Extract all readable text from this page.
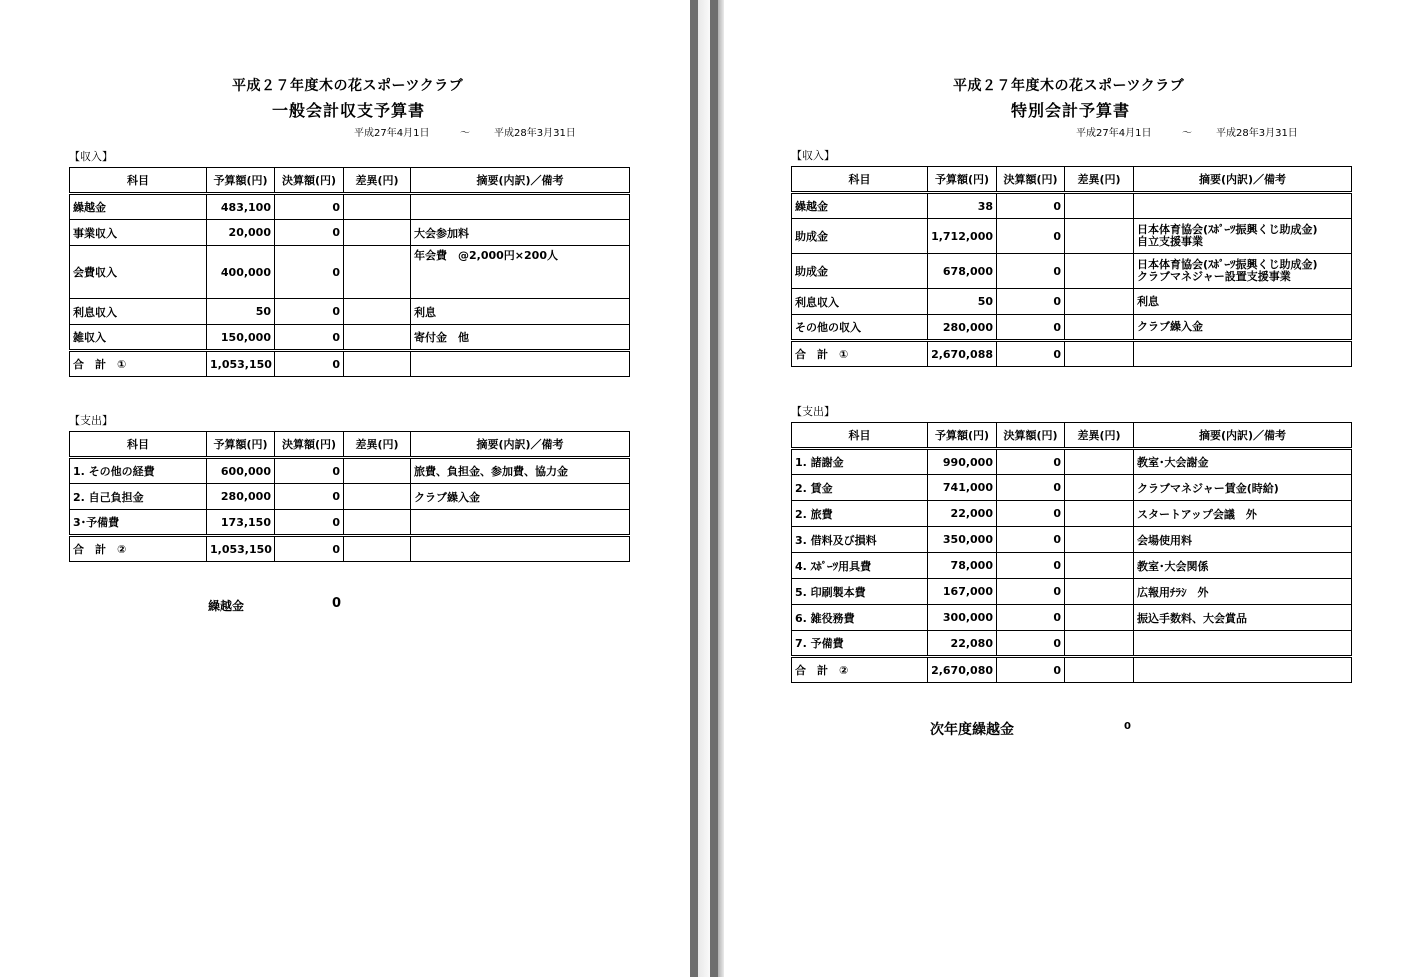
平成２７年度木の花スポーツクラブ
一般会計収支予算書
平成27年4月1日	～ 平成28年3月31日
【収入】
科目	予算額(円)	決算額(円)	差異(円)	摘要(内訳)／備考
繰越金	483,100	0		
事業収入	20,000	0		大会参加料
会費収入	400,000	0		年会費　@2,000円×200人
利息収入	50	0		利息
雑収入	150,000	0		寄付金　他
合　計　①	1,053,150	0		
【支出】
科目	予算額(円)	決算額(円)	差異(円)	摘要(内訳)／備考
1. その他の経費	600,000	0		旅費、負担金、参加費、協力金
2. 自己負担金	280,000	0		クラブ繰入金
3･予備費	173,150	0		
合　計　②	1,053,150	0		
繰越金	0
平成２７年度木の花スポーツクラブ
特別会計予算書
平成27年4月1日	～ 平成28年3月31日
【収入】
科目	予算額(円)	決算額(円)	差異(円)	摘要(内訳)／備考
繰越金	38	0		

助成金	1,712,000	0		日本体育協会(ｽﾎﾟｰﾂ振興くじ助成金)
自立支援事業

助成金	678,000	0		日本体育協会(ｽﾎﾟｰﾂ振興くじ助成金)
クラブマネジャー設置支援事業

利息収入	50	0		利息

その他の収入	280,000	0		クラブ繰入金

合　計　①	2,670,088	0		
【支出】
科目	予算額(円)	決算額(円)	差異(円)	摘要(内訳)／備考
1. 諸謝金	990,000	0		教室･大会謝金
2. 賃金	741,000	0		クラブマネジャー賃金(時給)
2. 旅費	22,000	0		スタートアップ会議　外
3. 借料及び損料	350,000	0		会場使用料
4. ｽﾎﾟｰﾂ用具費	78,000	0		教室･大会関係
5. 印刷製本費	167,000	0		広報用ﾁﾗｼ　外
6. 雑役務費	300,000	0		振込手数料、大会賞品
7. 予備費	22,080	0		
合　計　②	2,670,080	0		
次年度繰越金	0
